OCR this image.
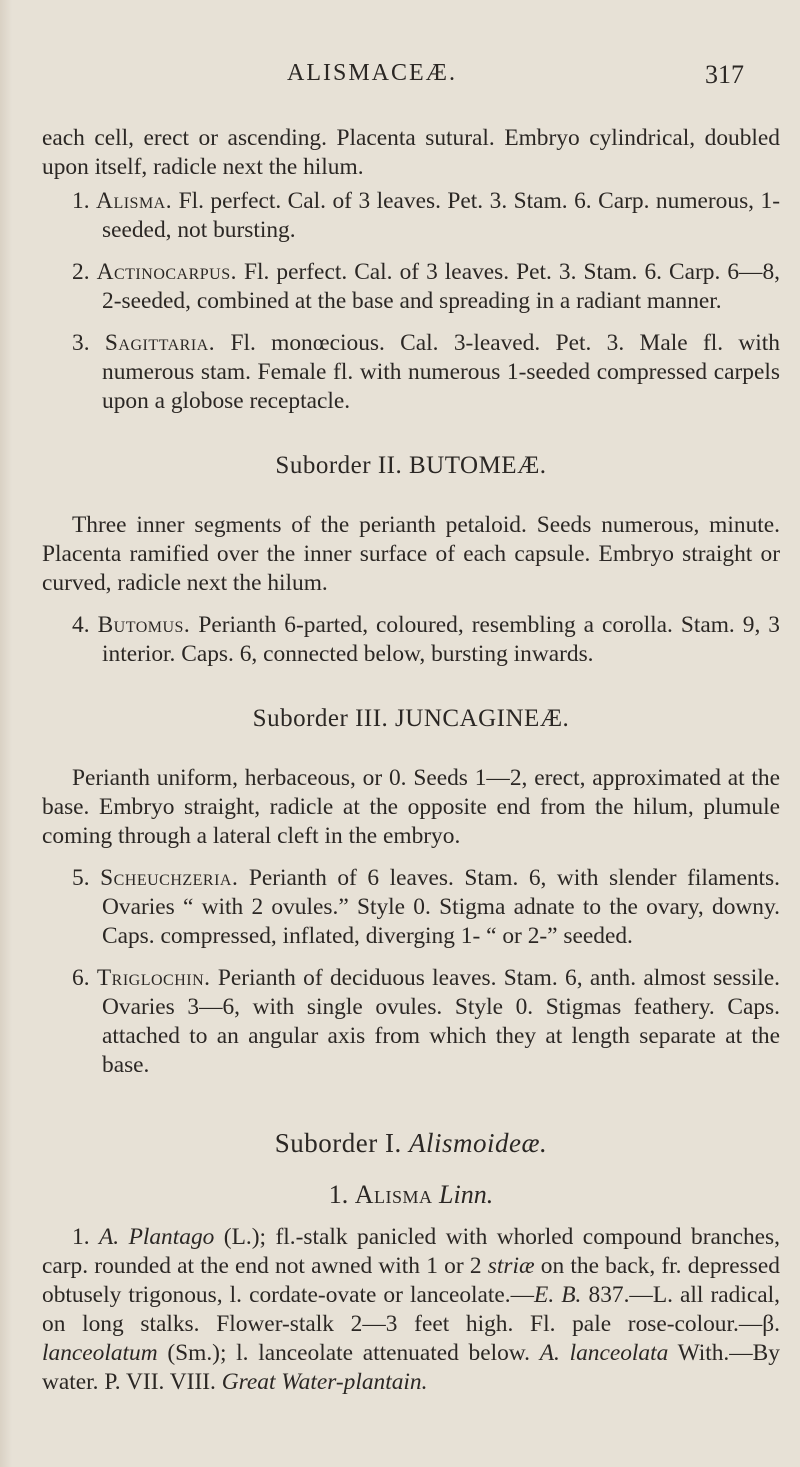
ALISMACEÆ.	317

each cell, erect or ascending. Placenta sutural. Embryo cylindrical, doubled upon itself, radicle next the hilum.

1. Alisma. Fl. perfect. Cal. of 3 leaves. Pet. 3. Stam. 6. Carp. numerous, 1-seeded, not bursting.

2. Actinocarpus. Fl. perfect. Cal. of 3 leaves. Pet. 3. Stam. 6. Carp. 6—8, 2-seeded, combined at the base and spreading in a radiant manner.

3. Sagittaria. Fl. monœcious. Cal. 3-leaved. Pet. 3. Male fl. with numerous stam. Female fl. with numerous 1-seeded compressed carpels upon a globose receptacle.

Suborder II. BUTOMEÆ.

Three inner segments of the perianth petaloid. Seeds numerous, minute. Placenta ramified over the inner surface of each capsule. Embryo straight or curved, radicle next the hilum.

4. Butomus. Perianth 6-parted, coloured, resembling a corolla. Stam. 9, 3 interior. Caps. 6, connected below, bursting inwards.

Suborder III. JUNCAGINEÆ.

Perianth uniform, herbaceous, or 0. Seeds 1—2, erect, approximated at the base. Embryo straight, radicle at the opposite end from the hilum, plumule coming through a lateral cleft in the embryo.

5. Scheuchzeria. Perianth of 6 leaves. Stam. 6, with slender filaments. Ovaries “ with 2 ovules.” Style 0. Stigma adnate to the ovary, downy. Caps. compressed, inflated, diverging 1- “ or 2-” seeded.

6. Triglochin. Perianth of deciduous leaves. Stam. 6, anth. almost sessile. Ovaries 3—6, with single ovules. Style 0. Stigmas feathery. Caps. attached to an angular axis from which they at length separate at the base.

Suborder I. Alismoideæ.

1. Alisma Linn.

1. A. Plantago (L.); fl.-stalk panicled with whorled compound branches, carp. rounded at the end not awned with 1 or 2 striæ on the back, fr. depressed obtusely trigonous, l. cordate-ovate or lanceolate.—E. B. 837.—L. all radical, on long stalks. Flower-stalk 2—3 feet high. Fl. pale rose-colour.—β. lanceolatum (Sm.); l. lanceolate attenuated below. A. lanceolata With.—By water. P. VII. VIII. Great Water-plantain.
